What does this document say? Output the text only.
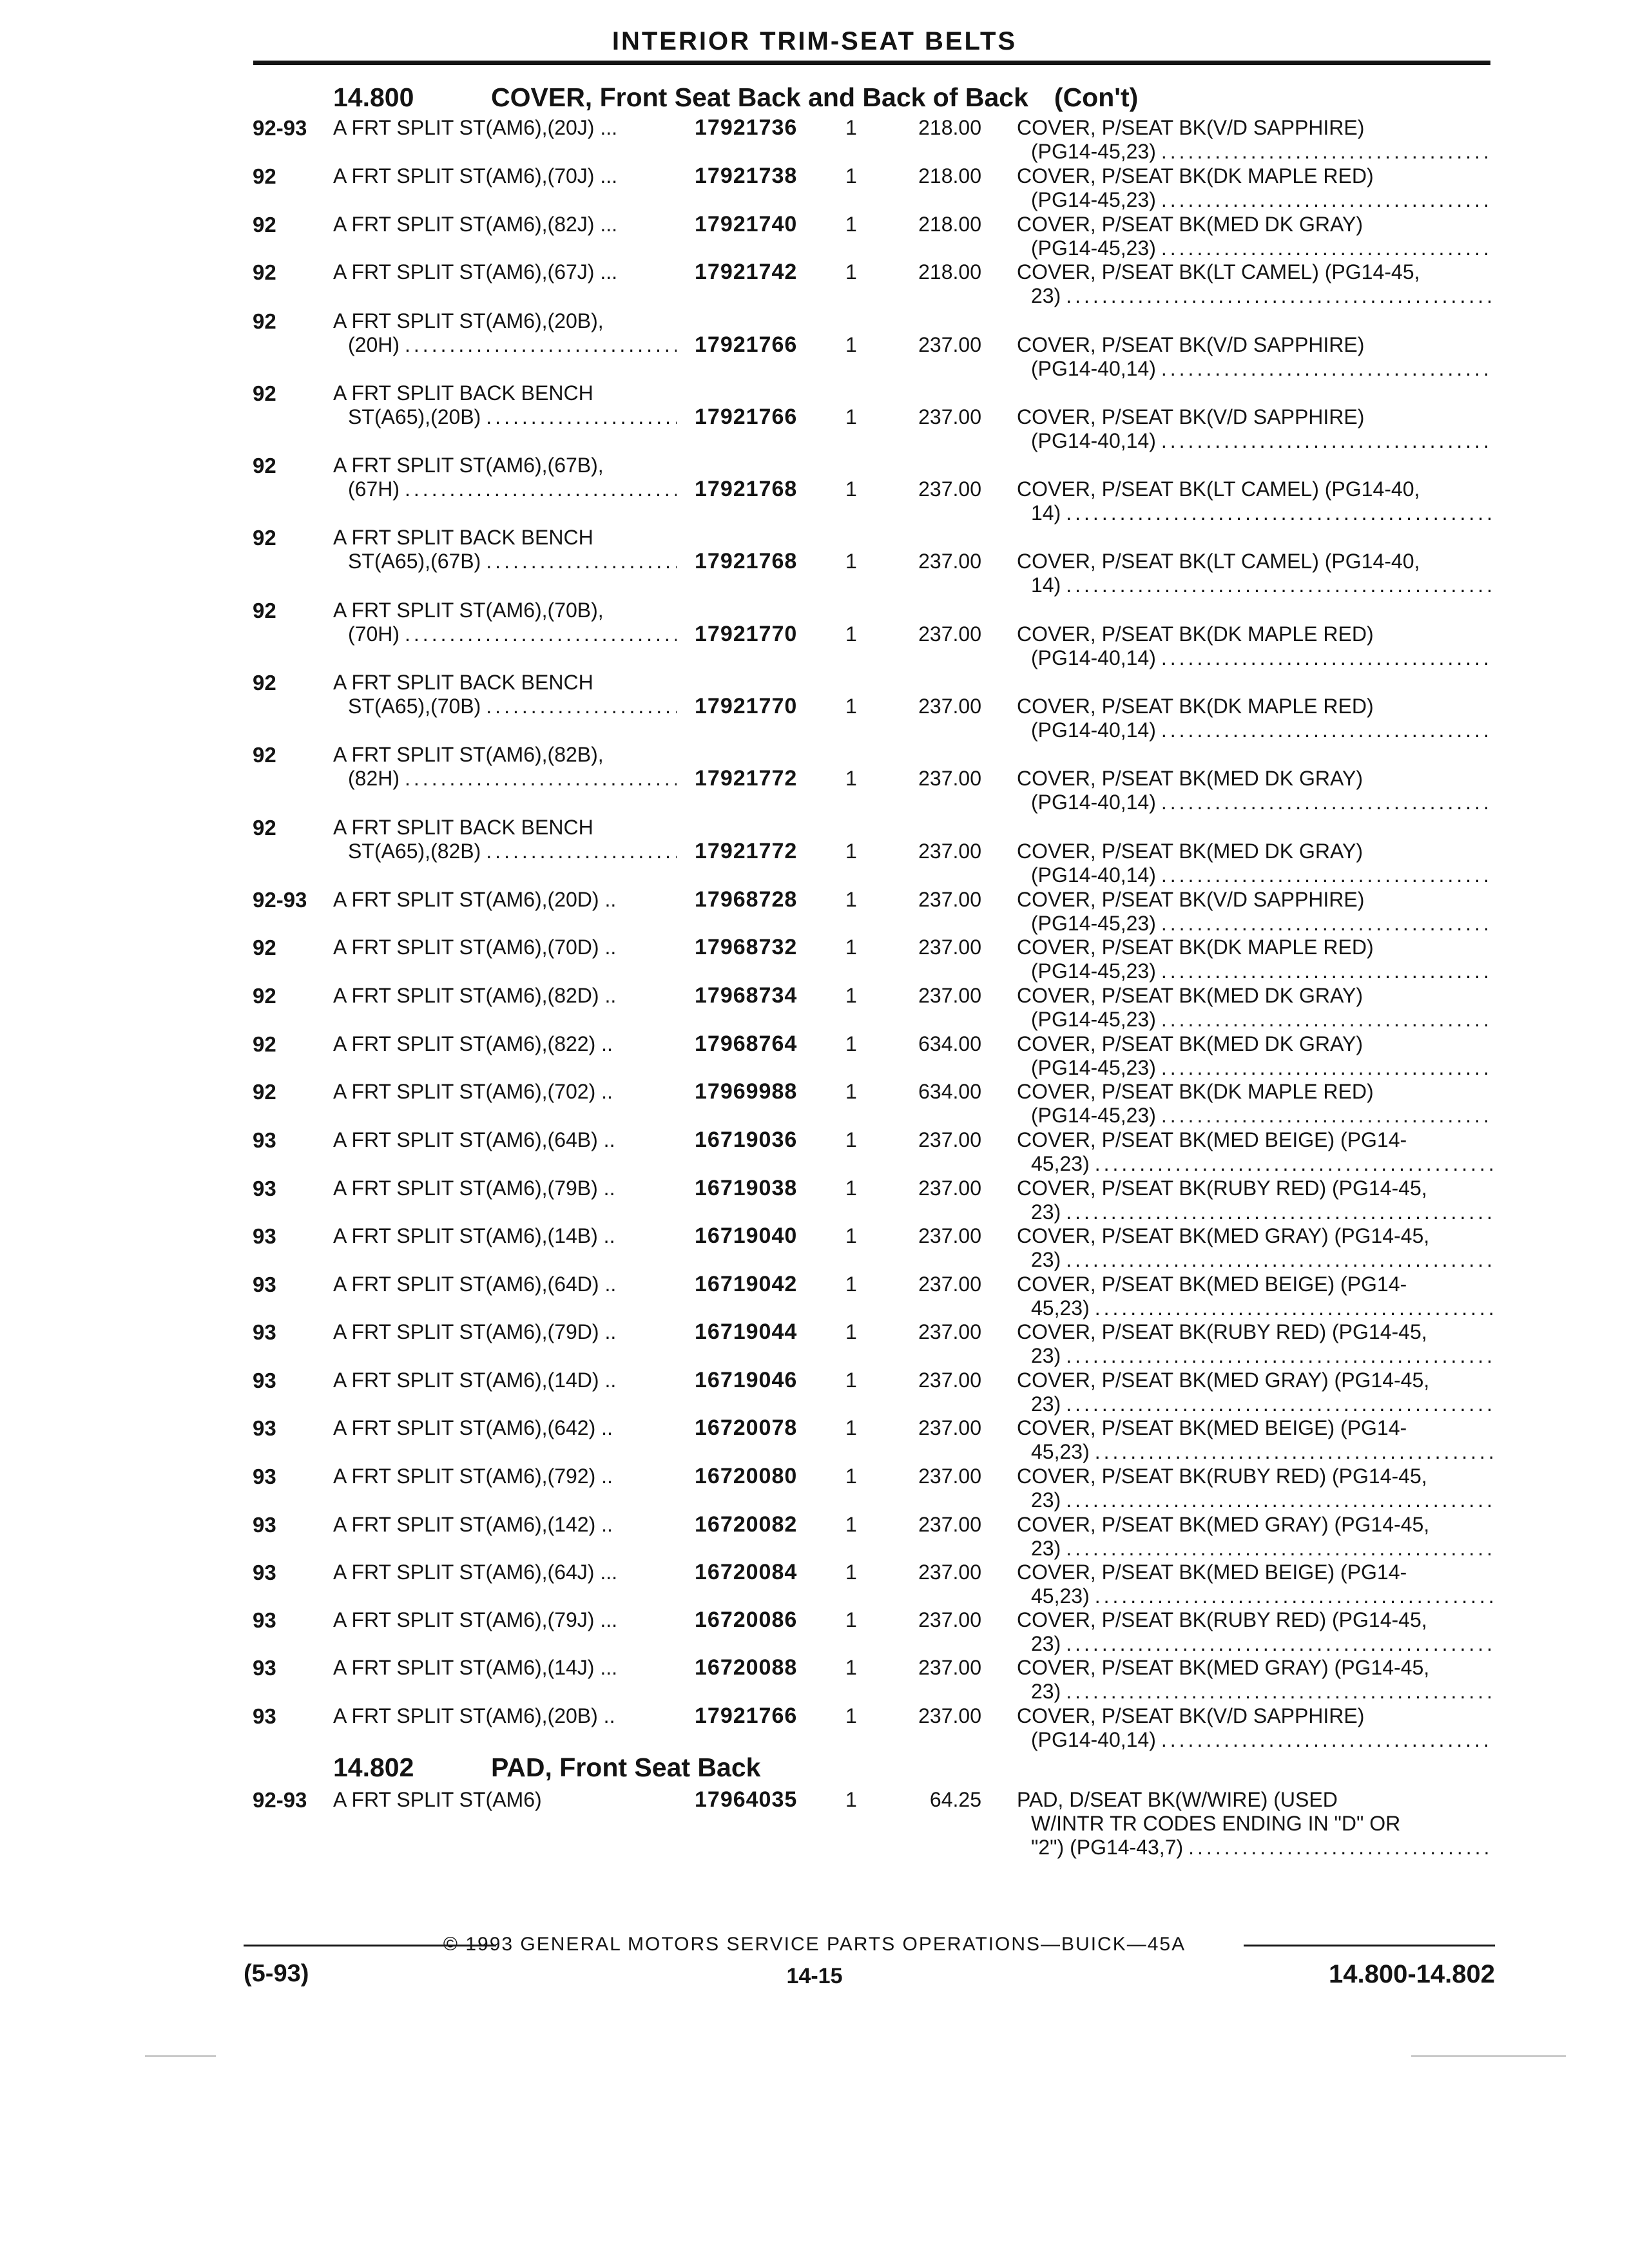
INTERIOR TRIM-SEAT BELTS
14.800	COVER, Front Seat Back and Back of Back (Con't)
92-93 A FRT SPLIT ST(AM6),(20J) ...	17921736 1	218.00 COVER, P/SEAT BK(V/D SAPPHIRE)
(PG14-45,23)
.....
92	A FRT SPLIT ST(AM6),(70J) ...	17921738 1	218.00 COVER, P/SEAT BK(DK MAPLE RED)
(PG14-45,23)
.....
92	A FRT SPLIT ST(AM6),(82J) ...	17921740 1	218.00 COVER, P/SEAT BK(MED DK GRAY)
(PG14-45,23)
.....
92	A FRT SPLIT ST(AM6),(67J) ...	17921742 1	218.00 COVER, P/SEAT BK(LT CAMEL) (PG14-45,
23)
.....
92	A FRT SPLIT ST(AM6),(20B),
(20H) .....	17921766 1	237.00 COVER, P/SEAT BK(V/D SAPPHIRE)
(PG14-40,14)
.....
92	A FRT SPLIT BACK BENCH
ST(A65),(20B) .....	17921766 1	237.00 COVER, P/SEAT BK(V/D SAPPHIRE)
(PG14-40,14)
.....
92	A FRT SPLIT ST(AM6),(67B),
(67H) .....	17921768 1	237.00 COVER, P/SEAT BK(LT CAMEL) (PG14-40,
14)
.....
92	A FRT SPLIT BACK BENCH
ST(A65),(67B) .....	17921768 1	237.00 COVER, P/SEAT BK(LT CAMEL) (PG14-40,
14)
.....
92	A FRT SPLIT ST(AM6),(70B),
(70H) .....	17921770 1	237.00 COVER, P/SEAT BK(DK MAPLE RED)
(PG14-40,14)
.....
92	A FRT SPLIT BACK BENCH
ST(A65),(70B) .....	17921770 1	237.00 COVER, P/SEAT BK(DK MAPLE RED)
(PG14-40,14)
.....
92	A FRT SPLIT ST(AM6),(82B),
(82H) .....	17921772 1	237.00 COVER, P/SEAT BK(MED DK GRAY)
(PG14-40,14)
.....
92	A FRT SPLIT BACK BENCH
ST(A65),(82B) .....	17921772 1	237.00 COVER, P/SEAT BK(MED DK GRAY)
(PG14-40,14)
.....
92-93 A FRT SPLIT ST(AM6),(20D) ..	17968728 1	237.00 COVER, P/SEAT BK(V/D SAPPHIRE)
(PG14-45,23)
.....
92	A FRT SPLIT ST(AM6),(70D) ..	17968732 1	237.00 COVER, P/SEAT BK(DK MAPLE RED)
(PG14-45,23)
.....
92	A FRT SPLIT ST(AM6),(82D) ..	17968734 1	237.00 COVER, P/SEAT BK(MED DK GRAY)
(PG14-45,23)
.....
92	A FRT SPLIT ST(AM6),(822) ..	17968764 1	634.00 COVER, P/SEAT BK(MED DK GRAY)
(PG14-45,23)
.....
92	A FRT SPLIT ST(AM6),(702) ..	17969988 1	634.00 COVER, P/SEAT BK(DK MAPLE RED)
(PG14-45,23)
.....
93	A FRT SPLIT ST(AM6),(64B) ..	16719036 1	237.00 COVER, P/SEAT BK(MED BEIGE) (PG14-
45,23)
.....
93	A FRT SPLIT ST(AM6),(79B) ..	16719038 1	237.00 COVER, P/SEAT BK(RUBY RED) (PG14-45,
23)
.....
93	A FRT SPLIT ST(AM6),(14B) ..	16719040 1	237.00 COVER, P/SEAT BK(MED GRAY) (PG14-45,
23)
.....
93	A FRT SPLIT ST(AM6),(64D) ..	16719042 1	237.00 COVER, P/SEAT BK(MED BEIGE) (PG14-
45,23)
.....
93	A FRT SPLIT ST(AM6),(79D) ..	16719044 1	237.00 COVER, P/SEAT BK(RUBY RED) (PG14-45,
23)
.....
93	A FRT SPLIT ST(AM6),(14D) ..	16719046 1	237.00 COVER, P/SEAT BK(MED GRAY) (PG14-45,
23)
.....
93	A FRT SPLIT ST(AM6),(642) ..	16720078 1	237.00 COVER, P/SEAT BK(MED BEIGE) (PG14-
45,23)
.....
93	A FRT SPLIT ST(AM6),(792) ..	16720080 1	237.00 COVER, P/SEAT BK(RUBY RED) (PG14-45,
23)
.....
93	A FRT SPLIT ST(AM6),(142) ..	16720082 1	237.00 COVER, P/SEAT BK(MED GRAY) (PG14-45,
23)
.....
93	A FRT SPLIT ST(AM6),(64J) ...	16720084 1	237.00 COVER, P/SEAT BK(MED BEIGE) (PG14-
45,23)
.....
93	A FRT SPLIT ST(AM6),(79J) ...	16720086 1	237.00 COVER, P/SEAT BK(RUBY RED) (PG14-45,
23)
.....
93	A FRT SPLIT ST(AM6),(14J) ...	16720088 1	237.00 COVER, P/SEAT BK(MED GRAY) (PG14-45,
23)
.....
93	A FRT SPLIT ST(AM6),(20B) ..	17921766 1	237.00 COVER, P/SEAT BK(V/D SAPPHIRE)
(PG14-40,14)
.....
14.802	PAD, Front Seat Back
92-93 A FRT SPLIT ST(AM6)	17964035 1	64.25 PAD, D/SEAT BK(W/WIRE) (USED
W/INTR TR CODES ENDING IN "D" OR
"2") (PG14-43,7)
.....
© 1993 GENERAL MOTORS SERVICE PARTS OPERATIONS—BUICK—45A
(5-93)	14-15	14.800-14.802
